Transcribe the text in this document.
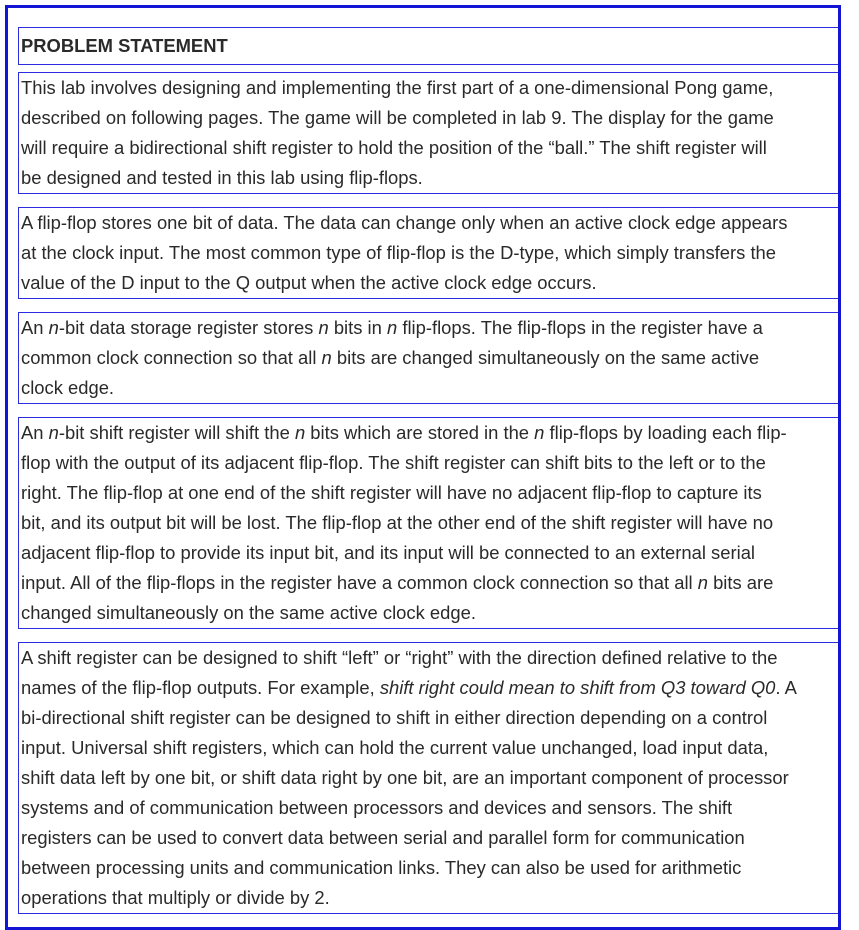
PROBLEM STATEMENT
This lab involves designing and implementing the first part of a one-dimensional Pong game,
described on following pages. The game will be completed in lab 9. The display for the game
will require a bidirectional shift register to hold the position of the “ball.” The shift register will
be designed and tested in this lab using flip-flops.
A flip-flop stores one bit of data. The data can change only when an active clock edge appears
at the clock input. The most common type of flip-flop is the D-type, which simply transfers the
value of the D input to the Q output when the active clock edge occurs.
An n-bit data storage register stores n bits in n flip-flops. The flip-flops in the register have a
common clock connection so that all n bits are changed simultaneously on the same active
clock edge.
An n-bit shift register will shift the n bits which are stored in the n flip-flops by loading each flip-
flop with the output of its adjacent flip-flop. The shift register can shift bits to the left or to the
right. The flip-flop at one end of the shift register will have no adjacent flip-flop to capture its
bit, and its output bit will be lost. The flip-flop at the other end of the shift register will have no
adjacent flip-flop to provide its input bit, and its input will be connected to an external serial
input. All of the flip-flops in the register have a common clock connection so that all n bits are
changed simultaneously on the same active clock edge.
A shift register can be designed to shift “left” or “right” with the direction defined relative to the
names of the flip-flop outputs. For example, shift right could mean to shift from Q3 toward Q0. A
bi-directional shift register can be designed to shift in either direction depending on a control
input. Universal shift registers, which can hold the current value unchanged, load input data,
shift data left by one bit, or shift data right by one bit, are an important component of processor
systems and of communication between processors and devices and sensors. The shift
registers can be used to convert data between serial and parallel form for communication
between processing units and communication links. They can also be used for arithmetic
operations that multiply or divide by 2.
